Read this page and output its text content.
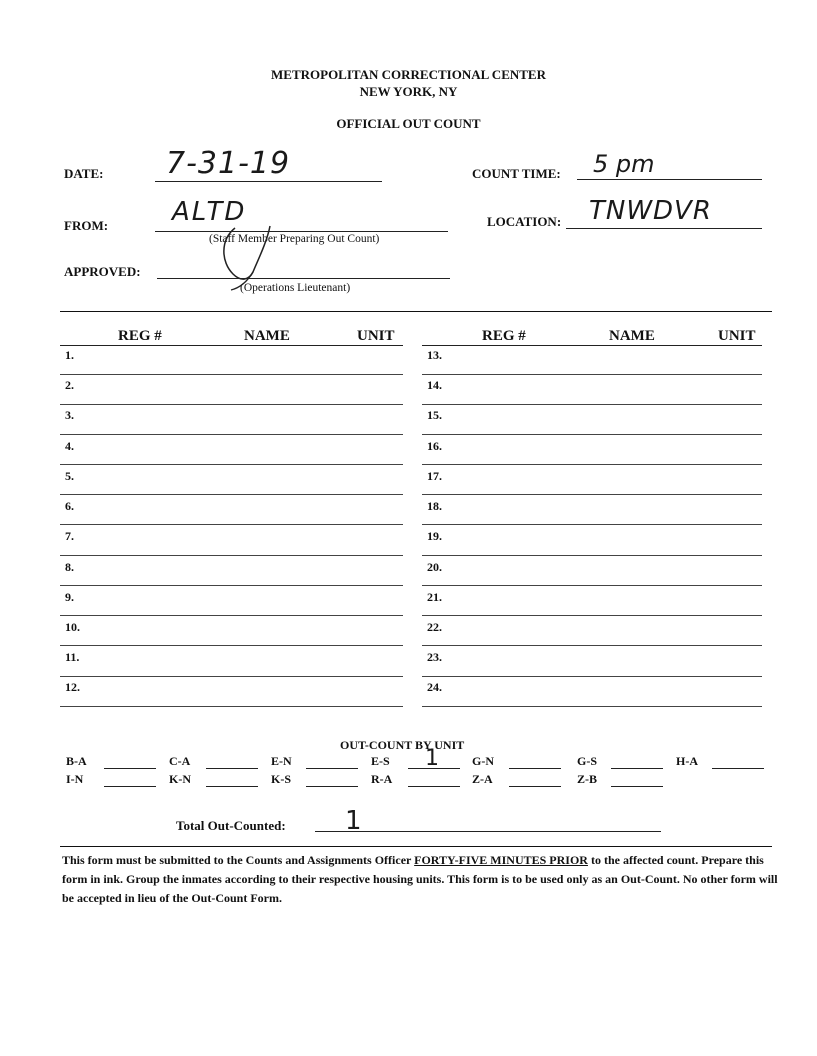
METROPOLITAN CORRECTIONAL CENTER
NEW YORK, NY
OFFICIAL OUT COUNT
DATE: 7-31-19	COUNT TIME: 5 pm
FROM: ALTD
(Staff Member Preparing Out Count)
LOCATION: TNWDVR
APPROVED:
(Operations Lieutenant)
REG #	NAME	UNIT	REG #	NAME	UNIT
1.
2.
3.
4.
5.
6.
7.
8.
9.
10.
11.
12.
13.
14.
15.
16.
17.
18.
19.
20.
21.
22.
23.
24.
OUT-COUNT BY UNIT
B-A	C-A	E-N	E-S 1	G-N	G-S	H-A
I-N	K-N	K-S	R-A	Z-A	Z-B
Total Out-Counted: 1
This form must be submitted to the Counts and Assignments Officer FORTY-FIVE MINUTES PRIOR to the affected count. Prepare this form in ink. Group the inmates according to their respective housing units. This form is to be used only as an Out-Count. No other form will be accepted in lieu of the Out-Count Form.
